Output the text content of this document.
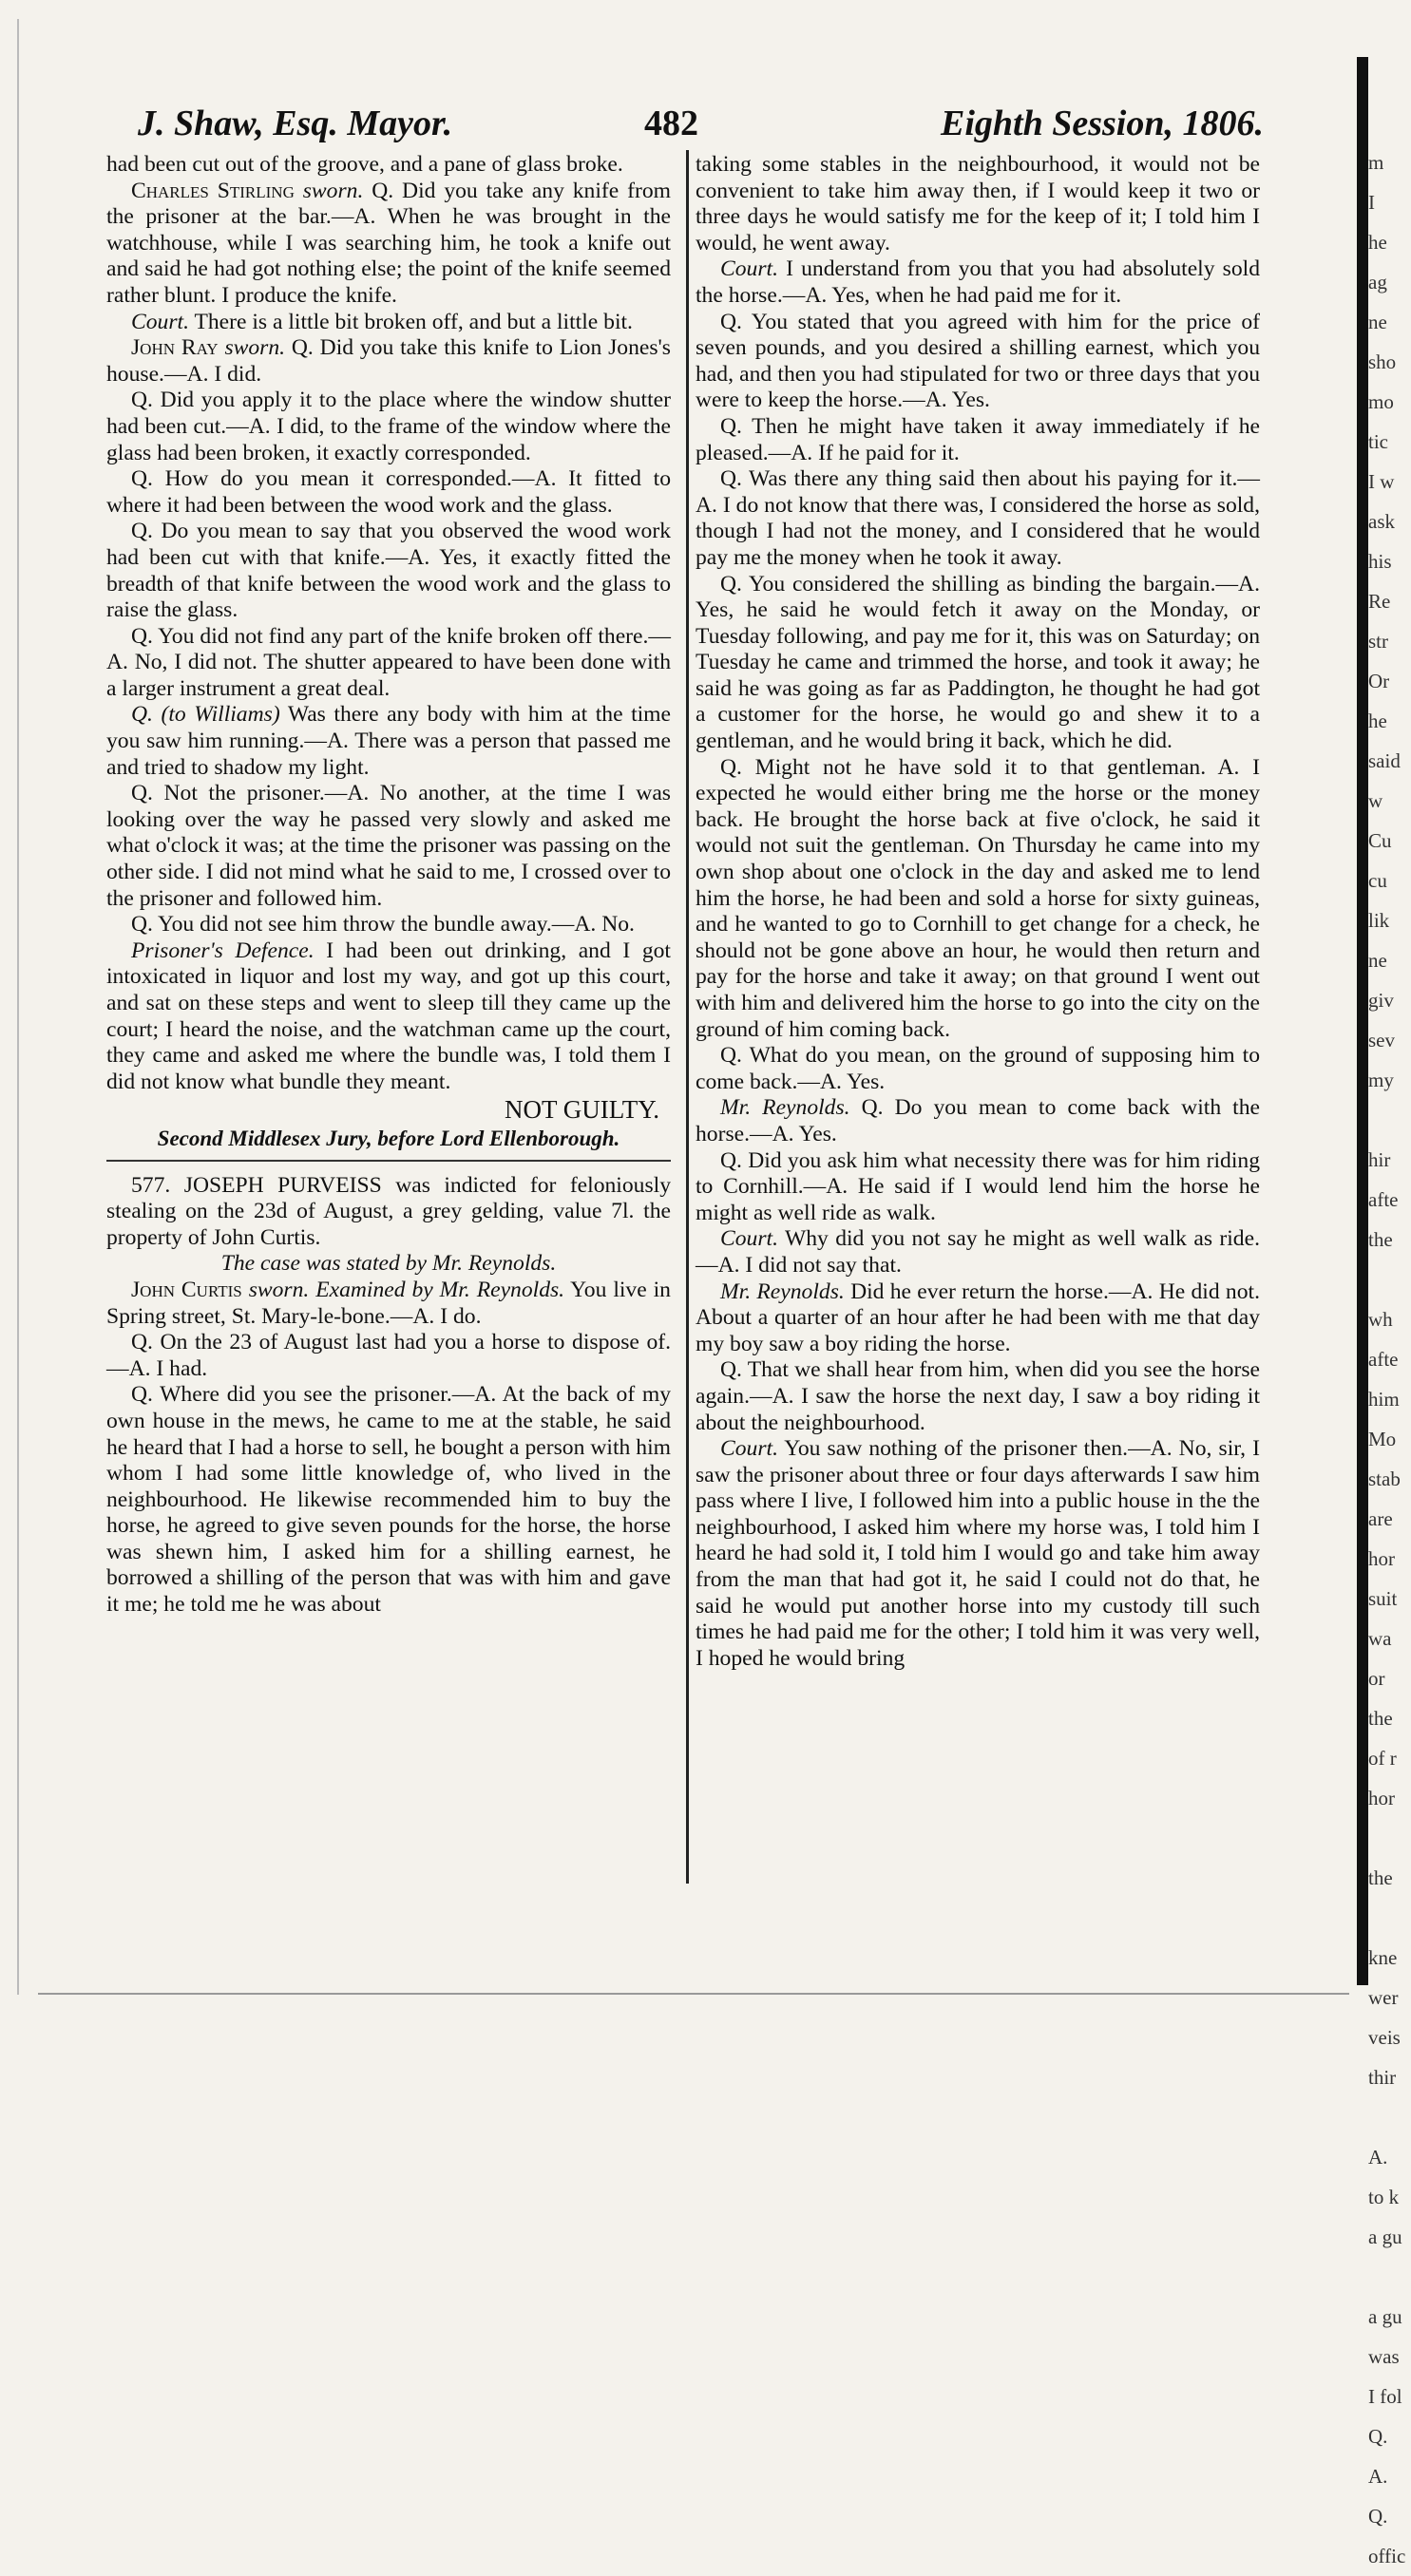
J. Shaw, Esq. Mayor.	482	Eighth Session, 1806.

had been cut out of the groove, and a pane of glass broke.

Charles Stirling sworn. Q. Did you take any knife from the prisoner at the bar.—A. When he was brought in the watchhouse, while I was searching him, he took a knife out and said he had got nothing else; the point of the knife seemed rather blunt. I produce the knife.

Court. There is a little bit broken off, and but a little bit.

John Ray sworn. Q. Did you take this knife to Lion Jones's house.—A. I did.

Q. Did you apply it to the place where the window shutter had been cut.—A. I did, to the frame of the window where the glass had been broken, it exactly corresponded.

Q. How do you mean it corresponded.—A. It fitted to where it had been between the wood work and the glass.

Q. Do you mean to say that you observed the wood work had been cut with that knife.—A. Yes, it exactly fitted the breadth of that knife between the wood work and the glass to raise the glass.

Q. You did not find any part of the knife broken off there.—A. No, I did not. The shutter appeared to have been done with a larger instrument a great deal.

Q. (to Williams) Was there any body with him at the time you saw him running.—A. There was a person that passed me and tried to shadow my light.

Q. Not the prisoner.—A. No another, at the time I was looking over the way he passed very slowly and asked me what o'clock it was; at the time the prisoner was passing on the other side. I did not mind what he said to me, I crossed over to the prisoner and followed him.

Q. You did not see him throw the bundle away.—A. No.

Prisoner's Defence. I had been out drinking, and I got intoxicated in liquor and lost my way, and got up this court, and sat on these steps and went to sleep till they came up the court; I heard the noise, and the watchman came up the court, they came and asked me where the bundle was, I told them I did not know what bundle they meant.

NOT GUILTY.

Second Middlesex Jury, before Lord Ellenborough.

577. JOSEPH PURVEISS was indicted for feloniously stealing on the 23d of August, a grey gelding, value 7l. the property of John Curtis.

The case was stated by Mr. Reynolds.

John Curtis sworn. Examined by Mr. Reynolds. You live in Spring street, St. Mary-le-bone.—A. I do.

Q. On the 23 of August last had you a horse to dispose of.—A. I had.

Q. Where did you see the prisoner.—A. At the back of my own house in the mews, he came to me at the stable, he said he heard that I had a horse to sell, he bought a person with him whom I had some little knowledge of, who lived in the neighbourhood. He likewise recommended him to buy the horse, he agreed to give seven pounds for the horse, the horse was shewn him, I asked him for a shilling earnest, he borrowed a shilling of the person that was with him and gave it me; he told me he was about

taking some stables in the neighbourhood, it would not be convenient to take him away then, if I would keep it two or three days he would satisfy me for the keep of it; I told him I would, he went away.

Court. I understand from you that you had absolutely sold the horse.—A. Yes, when he had paid me for it.

Q. You stated that you agreed with him for the price of seven pounds, and you desired a shilling earnest, which you had, and then you had stipulated for two or three days that you were to keep the horse.—A. Yes.

Q. Then he might have taken it away immediately if he pleased.—A. If he paid for it.

Q. Was there any thing said then about his paying for it.—A. I do not know that there was, I considered the horse as sold, though I had not the money, and I considered that he would pay me the money when he took it away.

Q. You considered the shilling as binding the bargain.—A. Yes, he said he would fetch it away on the Monday, or Tuesday following, and pay me for it, this was on Saturday; on Tuesday he came and trimmed the horse, and took it away; he said he was going as far as Paddington, he thought he had got a customer for the horse, he would go and shew it to a gentleman, and he would bring it back, which he did.

Q. Might not he have sold it to that gentleman. A. I expected he would either bring me the horse or the money back. He brought the horse back at five o'clock, he said it would not suit the gentleman. On Thursday he came into my own shop about one o'clock in the day and asked me to lend him the horse, he had been and sold a horse for sixty guineas, and he wanted to go to Cornhill to get change for a check, he should not be gone above an hour, he would then return and pay for the horse and take it away; on that ground I went out with him and delivered him the horse to go into the city on the ground of him coming back.

Q. What do you mean, on the ground of supposing him to come back.—A. Yes.

Mr. Reynolds. Q. Do you mean to come back with the horse.—A. Yes.

Q. Did you ask him what necessity there was for him riding to Cornhill.—A. He said if I would lend him the horse he might as well ride as walk.

Court. Why did you not say he might as well walk as ride.—A. I did not say that.

Mr. Reynolds. Did he ever return the horse.—A. He did not. About a quarter of an hour after he had been with me that day my boy saw a boy riding the horse.

Q. That we shall hear from him, when did you see the horse again.—A. I saw the horse the next day, I saw a boy riding it about the neighbourhood.

Court. You saw nothing of the prisoner then.—A. No, sir, I saw the prisoner about three or four days afterwards I saw him pass where I live, I followed him into a public house in the the neighbourhood, I asked him where my horse was, I told him I heard he had sold it, I told him I would go and take him away from the man that had got it, he said I could not do that, he said he would put another horse into my custody till such times he had paid me for the other; I told him it was very well, I hoped he would bring

m
I
he
ag
ne
sho
mo
tic
I w
ask
his
Re
str
Or
he
said
w
Cu
cu
lik
ne
giv
sev
my

hir
afte
the

wh
afte
him
Mo
stab
are
hor
suit
wa
or
the
of r
hor

the

kne
wer
veis
thir

A.
to k
a gu

a gu
was
I fol
Q.
A.
Q.
offic
